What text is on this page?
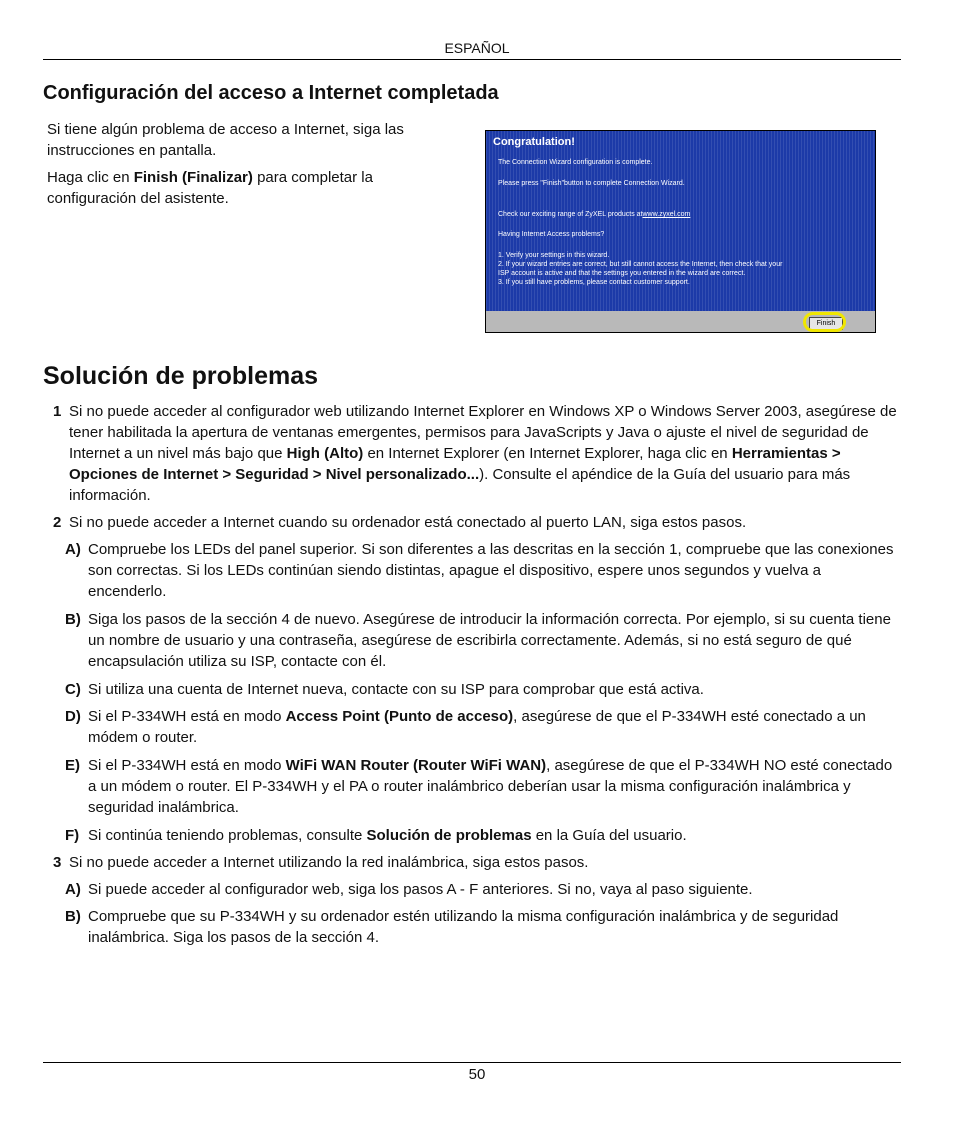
ESPAÑOL
Configuración del acceso a Internet completada

Si tiene algún problema de acceso a Internet, siga las instrucciones en pantalla.

Haga clic en Finish (Finalizar) para completar la configuración del asistente.

Congratulation!
The Connection Wizard configuration is complete.
Please press "Finish"button to complete Connection Wizard.
Check our exciting range of ZyXEL products atwww.zyxel.com
Having Internet Access problems?
1. Verify your settings in this wizard.
2. If your wizard entries are correct, but still cannot access the Internet, then check that your
ISP account is active and that the settings you entered in the wizard are correct.
3. If you still have problems, please contact customer support.
Finish
Solución de problemas
1 Si no puede acceder al configurador web utilizando Internet Explorer en Windows XP o Windows Server 2003, asegúrese de tener habilitada la apertura de ventanas emergentes, permisos para JavaScripts y Java o ajuste el nivel de seguridad de Internet a un nivel más bajo que High (Alto) en Internet Explorer (en Internet Explorer, haga clic en Herramientas > Opciones de Internet > Seguridad > Nivel personalizado...). Consulte el apéndice de la Guía del usuario para más información.

2 Si no puede acceder a Internet cuando su ordenador está conectado al puerto LAN, siga estos pasos.

A) Compruebe los LEDs del panel superior. Si son diferentes a las descritas en la sección 1, compruebe que las conexiones son correctas. Si los LEDs continúan siendo distintas, apague el dispositivo, espere unos segundos y vuelva a encenderlo.

B) Siga los pasos de la sección 4 de nuevo. Asegúrese de introducir la información correcta. Por ejemplo, si su cuenta tiene un nombre de usuario y una contraseña, asegúrese de escribirla correctamente. Además, si no está seguro de qué encapsulación utiliza su ISP, contacte con él.

C) Si utiliza una cuenta de Internet nueva, contacte con su ISP para comprobar que está activa.

D) Si el P-334WH está en modo Access Point (Punto de acceso), asegúrese de que el P-334WH esté conectado a un módem o router.

E) Si el P-334WH está en modo WiFi WAN Router (Router WiFi WAN), asegúrese de que el P-334WH NO esté conectado a un módem o router. El P-334WH y el PA o router inalámbrico deberían usar la misma configuración inalámbrica y seguridad inalámbrica.

F) Si continúa teniendo problemas, consulte Solución de problemas en la Guía del usuario.

3 Si no puede acceder a Internet utilizando la red inalámbrica, siga estos pasos.

A) Si puede acceder al configurador web, siga los pasos A - F anteriores. Si no, vaya al paso siguiente.

B) Compruebe que su P-334WH y su ordenador estén utilizando la misma configuración inalámbrica y de seguridad inalámbrica. Siga los pasos de la sección 4.

50
